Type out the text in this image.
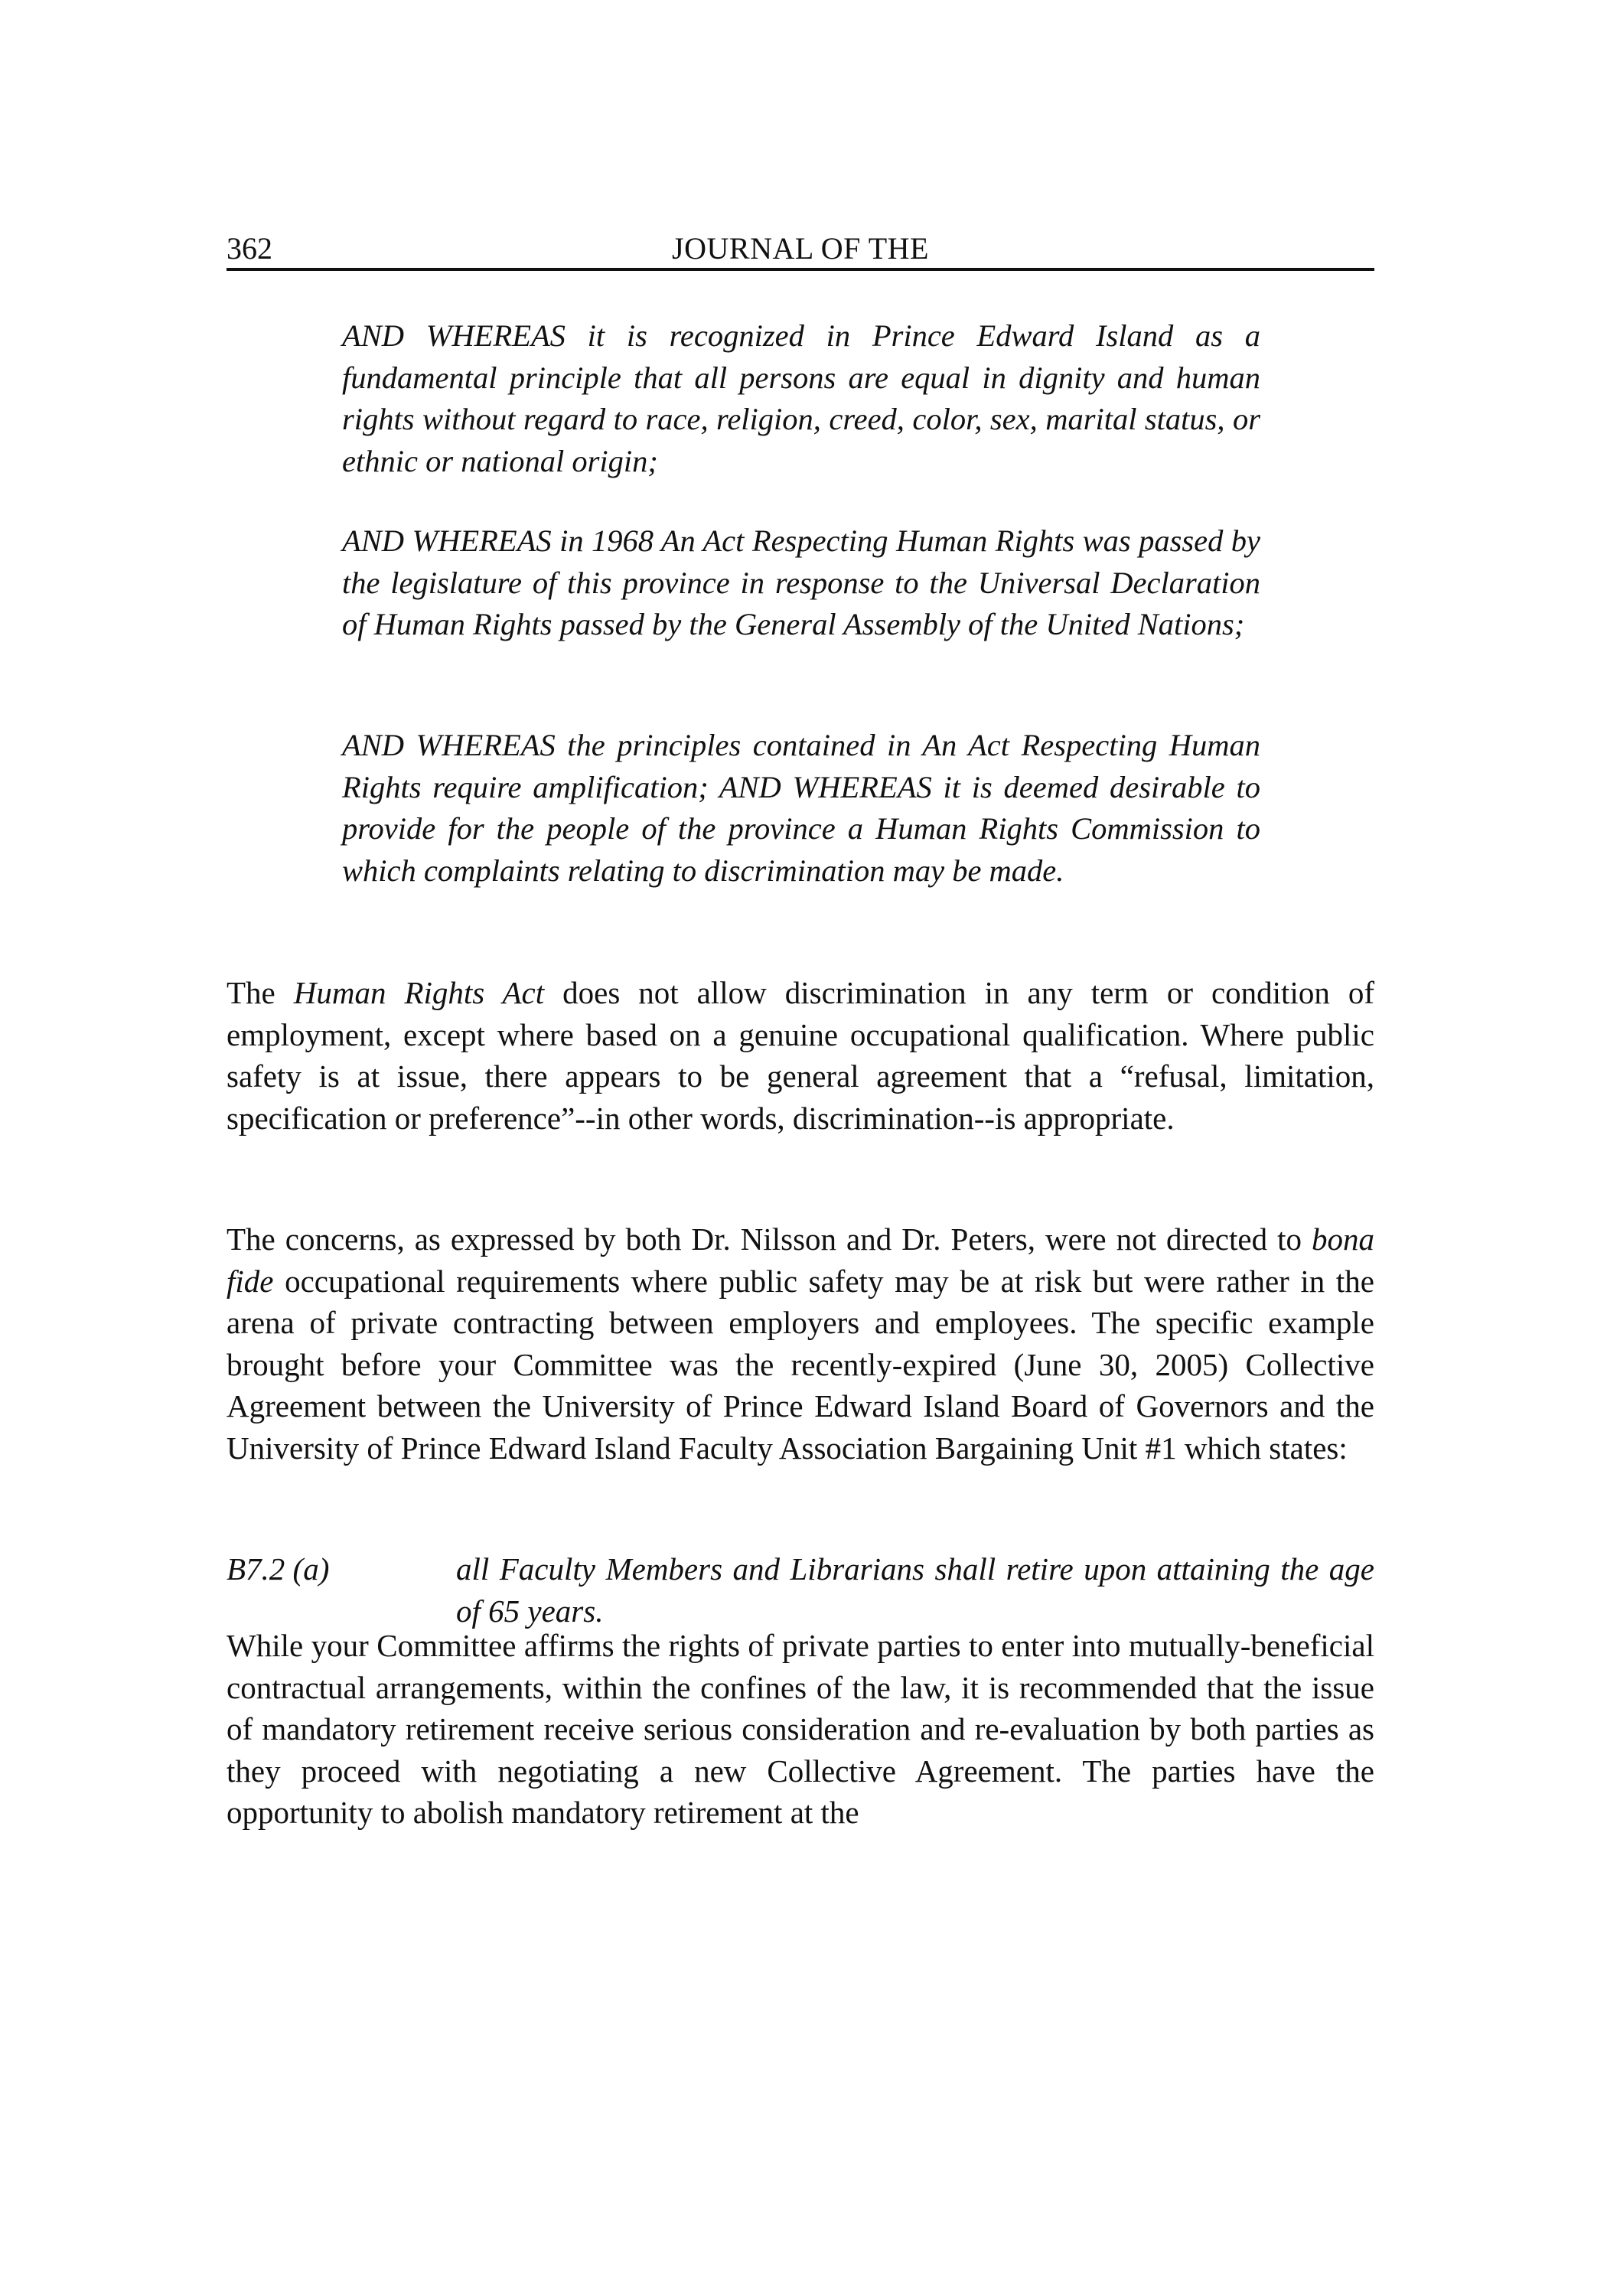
362	JOURNAL OF THE

AND WHEREAS it is recognized in Prince Edward Island as a fundamental principle that all persons are equal in dignity and human rights without regard to race, religion, creed, color, sex, marital status, or ethnic or national origin;

AND WHEREAS in 1968 An Act Respecting Human Rights was passed by the legislature of this province in response to the Universal Declaration of Human Rights passed by the General Assembly of the United Nations;

AND WHEREAS the principles contained in An Act Respecting Human Rights require amplification; AND WHEREAS it is deemed desirable to provide for the people of the province a Human Rights Commission to which complaints relating to discrimination may be made.

The Human Rights Act does not allow discrimination in any term or condition of employment, except where based on a genuine occupational qualification. Where public safety is at issue, there appears to be general agreement that a “refusal, limitation, specification or preference”--in other words, discrimination--is appropriate.

The concerns, as expressed by both Dr. Nilsson and Dr. Peters, were not directed to bona fide occupational requirements where public safety may be at risk but were rather in the arena of private contracting between employers and employees. The specific example brought before your Committee was the recently-expired (June 30, 2005) Collective Agreement between the University of Prince Edward Island Board of Governors and the University of Prince Edward Island Faculty Association Bargaining Unit #1 which states:

B7.2 (a)	all Faculty Members and Librarians shall retire upon attaining the age of 65 years.

While your Committee affirms the rights of private parties to enter into mutually-beneficial contractual arrangements, within the confines of the law, it is recommended that the issue of mandatory retirement receive serious consideration and re-evaluation by both parties as they proceed with negotiating a new Collective Agreement. The parties have the opportunity to abolish mandatory retirement at the
